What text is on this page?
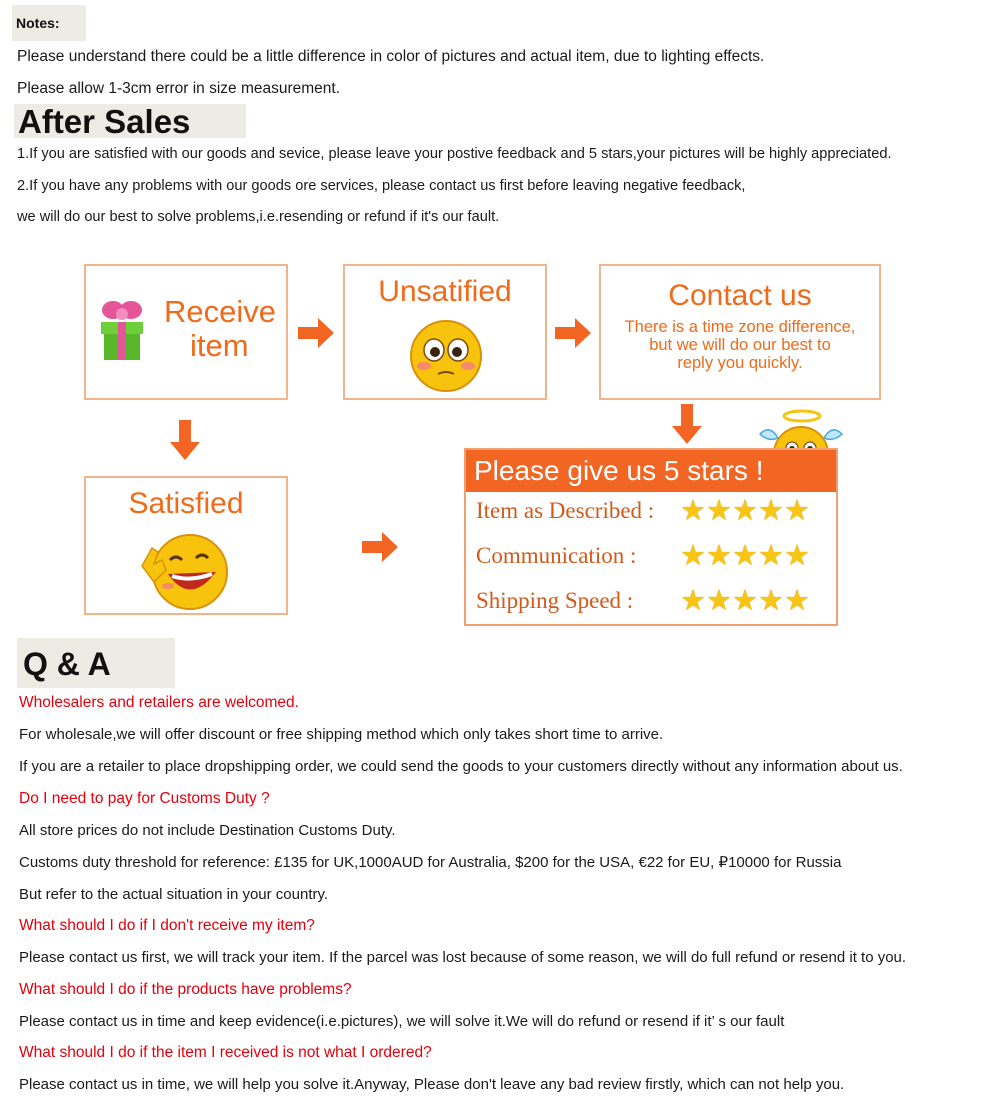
Notes:
Please understand there could be a little difference in color of pictures and actual item, due to lighting effects.
Please allow 1-3cm error in size measurement.
After Sales
1.If you are satisfied with our goods and sevice, please leave your postive feedback and 5 stars,your pictures will be highly appreciated.
2.If you have any problems with our goods ore services, please contact us first before leaving negative feedback,
we will do our best to solve problems,i.e.resending or refund if it's our fault.
Receive
item
Unsatified	Contact us
There is a time zone difference,
but we will do our best to
reply you quickly.
Satisfied
Please give us 5 stars !
Item as Described : ★★★★★
Communication : ★★★★★
Shipping Speed : ★★★★★
Q & A
Wholesalers and retailers are welcomed.
For wholesale,we will offer discount or free shipping method which only takes short time to arrive.
If you are a retailer to place dropshipping order, we could send the goods to your customers directly without any information about us.
Do I need to pay for Customs Duty ?
All store prices do not include Destination Customs Duty.
Customs duty threshold for reference: £135 for UK,1000AUD for Australia, $200 for the USA, €22 for EU, ₽10000 for Russia
But refer to the actual situation in your country.
What should I do if I don't receive my item?
Please contact us first, we will track your item. If the parcel was lost because of some reason, we will do full refund or resend it to you.
What should I do if the products have problems?
Please contact us in time and keep evidence(i.e.pictures), we will solve it.We will do refund or resend if it’ s our fault
What should I do if the item I received is not what I ordered?
Please contact us in time, we will help you solve it.Anyway, Please don't leave any bad review firstly, which can not help you.
